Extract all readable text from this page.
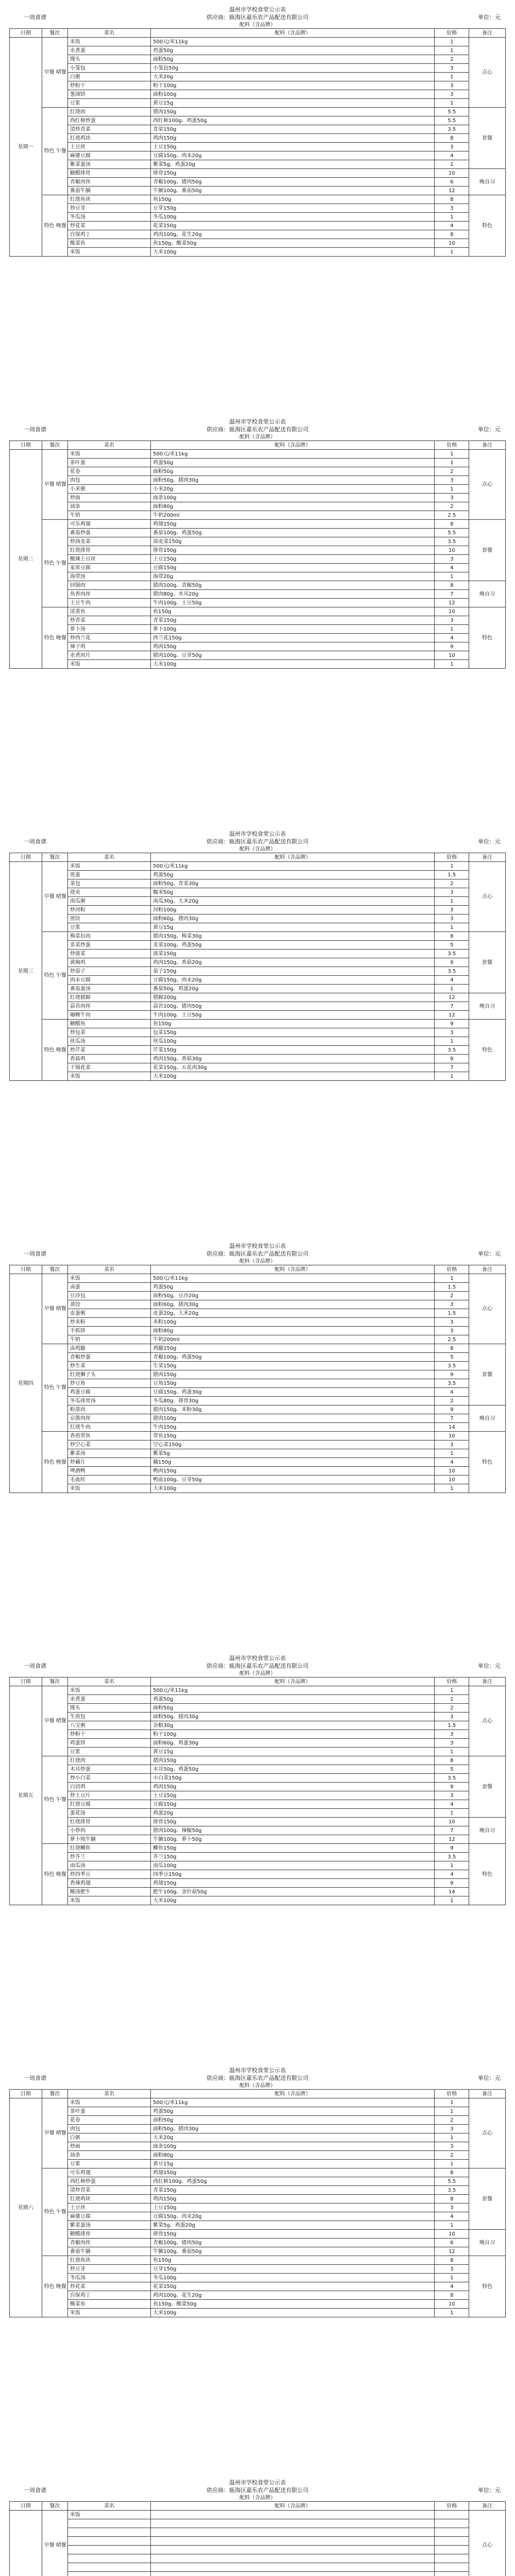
温州市学校食堂公示表
供应商：瓯海区嘉乐农产品配送有限公司
一周食谱	单位：元
配料（含品牌）
日期	餐次	菜名	配料（含品牌）	价格	备注
星期一	早餐 晴餐	米饭	500元/米11kg	1	点心
		水煮蛋	鸡蛋50g	1	
		馒头	面粉50g	2	
		小笼包	小笼包50g	3	
		白粥	大米20g	1	
		炒粉干	粉干100g	3	
		葱油饼	面粉100g	3	
		豆浆	黄豆15g	1	
	特色 午餐	红烧肉	猪肉150g	5.5	套餐
		西红柿炒蛋	西红柿100g、鸡蛋50g	5.5	
		清炒青菜	青菜150g	3.5	
		红烧鸡块	鸡肉150g	8	
		土豆丝	土豆150g	3	
		麻婆豆腐	豆腐150g、肉末20g	4	
		紫菜蛋汤	紫菜5g、鸡蛋20g	1	
		糖醋排骨	排骨150g	10	晚自习
		青椒肉丝	青椒100g、猪肉50g	6	
		番茄牛腩	牛腩100g、番茄50g	12	
	特色 晚餐	红烧鱼块	鱼150g	8	特色
		炒豆芽	豆芽150g	3	
		冬瓜汤	冬瓜100g	1	
		炒花菜	花菜150g	4	
		宫保鸡丁	鸡肉100g、花生20g	8	
		酸菜鱼	鱼150g、酸菜50g	10	
		米饭	大米100g	1	
温州市学校食堂公示表
供应商：瓯海区嘉乐农产品配送有限公司
一周食谱	单位：元
配料（含品牌）
日期	餐次	菜名	配料（含品牌）	价格	备注
星期二	早餐 晴餐	米饭	500元/米11kg	1	点心
		茶叶蛋	鸡蛋50g	1	
		花卷	面粉50g	2	
		肉包	面粉50g、猪肉30g	3	
		小米粥	小米20g	1	
		炒面	面条100g	3	
		油条	面粉80g	2	
		牛奶	牛奶200ml	2.5	
	特色 午餐	可乐鸡翅	鸡翅150g	8	套餐
		番茄炒蛋	番茄100g、鸡蛋50g	5.5	
		炒油麦菜	油麦菜150g	3.5	
		红烧排骨	排骨150g	10	
		酸辣土豆丝	土豆150g	3	
		家常豆腐	豆腐150g	4	
		海带汤	海带20g	1	
		回锅肉	猪肉100g、青椒50g	8	晚自习
		鱼香肉丝	猪肉80g、木耳20g	7	
		土豆牛肉	牛肉100g、土豆50g	12	
	特色 晚餐	清蒸鱼	鱼150g	10	特色
		炒青菜	青菜150g	3	
		萝卜汤	萝卜100g	1	
		炒西兰花	西兰花150g	4	
		辣子鸡	鸡肉150g	9	
		水煮肉片	猪肉100g、豆芽50g	10	
		米饭	大米100g	1	
温州市学校食堂公示表
供应商：瓯海区嘉乐农产品配送有限公司
一周食谱	单位：元
配料（含品牌）
日期	餐次	菜名	配料（含品牌）	价格	备注
星期三	早餐 晴餐	米饭	500元/米11kg	1	点心
		煎蛋	鸡蛋50g	1.5	
		菜包	面粉50g、青菜30g	2	
		烧卖	糯米50g	3	
		南瓜粥	南瓜30g、大米20g	1	
		炒河粉	河粉100g	3	
		煎饺	面粉60g、猪肉30g	3	
		豆浆	黄豆15g	1	
	特色 午餐	梅菜扣肉	猪肉150g、梅菜30g	8	套餐
		韭菜炒蛋	韭菜100g、鸡蛋50g	5	
		炒菠菜	菠菜150g	3.5	
		黄焖鸡	鸡肉150g、香菇20g	9	
		炒茄子	茄子150g	3.5	
		肉末豆腐	豆腐150g、肉末20g	4	
		番茄蛋汤	番茄50g、鸡蛋20g	1	
		红烧猪蹄	猪蹄200g	12	晚自习
		蒜苔肉丝	蒜苔100g、猪肉50g	7	
		咖喱牛肉	牛肉100g、土豆50g	12	
	特色 晚餐	糖醋鱼	鱼150g	9	特色
		炒包菜	包菜150g	3	
		丝瓜汤	丝瓜100g	1	
		炒芹菜	芹菜150g	3.5	
		香菇鸡	鸡肉150g、香菇30g	9	
		干锅花菜	花菜150g、五花肉30g	7	
		米饭	大米100g	1	
温州市学校食堂公示表
供应商：瓯海区嘉乐农产品配送有限公司
一周食谱	单位：元
配料（含品牌）
日期	餐次	菜名	配料（含品牌）	价格	备注
星期四	早餐 晴餐	米饭	500元/米11kg	1	点心
		卤蛋	鸡蛋50g	1.5	
		豆沙包	面粉50g、豆沙20g	2	
		蒸饺	面粉60g、猪肉30g	3	
		皮蛋粥	皮蛋20g、大米20g	1.5	
		炒米粉	米粉100g	3	
		手抓饼	面粉80g	3	
		牛奶	牛奶200ml	2.5	
	特色 午餐	卤鸡腿	鸡腿150g	8	套餐
		青椒炒蛋	青椒100g、鸡蛋50g	5	
		炒生菜	生菜150g	3.5	
		红烧狮子头	猪肉150g	9	
		炒豆角	豆角150g	3.5	
		鸡蛋豆腐	豆腐150g、鸡蛋30g	4	
		冬瓜排骨汤	冬瓜80g、排骨30g	2	
		粉蒸肉	猪肉150g、米粉30g	9	晚自习
		京酱肉丝	猪肉100g	7	
		红烧牛肉	牛肉150g	14	
	特色 晚餐	香煎带鱼	带鱼150g	10	特色
		炒空心菜	空心菜150g	3	
		紫菜汤	紫菜5g	1	
		炒藕片	藕150g	4	
		啤酒鸭	鸭肉150g	10	
		毛血旺	鸭血100g、豆芽50g	10	
		米饭	大米100g	1	
温州市学校食堂公示表
供应商：瓯海区嘉乐农产品配送有限公司
一周食谱	单位：元
配料（含品牌）
日期	餐次	菜名	配料（含品牌）	价格	备注
星期五	早餐 晴餐	米饭	500元/米11kg	1	点心
		水煮蛋	鸡蛋50g	1	
		馒头	面粉50g	2	
		生煎包	面粉50g、猪肉30g	3	
		八宝粥	杂粮30g	1.5	
		炒粉干	粉干100g	3	
		鸡蛋饼	面粉60g、鸡蛋30g	3	
		豆浆	黄豆15g	1	
	特色 午餐	红烧肉	猪肉150g	8	套餐
		木耳炒蛋	木耳50g、鸡蛋50g	5	
		炒小白菜	小白菜150g	3.5	
		白切鸡	鸡肉150g	9	
		炒土豆片	土豆150g	3	
		红烧豆腐	豆腐150g	4	
		蛋花汤	鸡蛋20g	1	
		红烧排骨	排骨150g	10	晚自习
		小炒肉	猪肉100g、辣椒50g	7	
		萝卜炖牛腩	牛腩100g、萝卜50g	12	
	特色 晚餐	红烧鲫鱼	鲫鱼150g	9	特色
		炒芥兰	芥兰150g	3.5	
		南瓜汤	南瓜100g	1	
		炒四季豆	四季豆150g	4	
		香辣鸡翅	鸡翅150g	9	
		酸汤肥牛	肥牛100g、金针菇50g	14	
		米饭	大米100g	1	
温州市学校食堂公示表
供应商：瓯海区嘉乐农产品配送有限公司
一周食谱	单位：元
配料（含品牌）
日期	餐次	菜名	配料（含品牌）	价格	备注
星期六	早餐 晴餐	米饭	500元/米11kg	1	点心
		茶叶蛋	鸡蛋50g	1	
		花卷	面粉50g	2	
		肉包	面粉50g、猪肉30g	3	
		白粥	大米20g	1	
		炒面	面条100g	3	
		油条	面粉80g	2	
		豆浆	黄豆15g	1	
	特色 午餐	可乐鸡翅	鸡翅150g	8	套餐
		西红柿炒蛋	西红柿100g、鸡蛋50g	5.5	
		清炒青菜	青菜150g	3.5	
		红烧鸡块	鸡肉150g	8	
		土豆丝	土豆150g	3	
		麻婆豆腐	豆腐150g、肉末20g	4	
		紫菜蛋汤	紫菜5g、鸡蛋20g	1	
		糖醋排骨	排骨150g	10	晚自习
		青椒肉丝	青椒100g、猪肉50g	6	
		番茄牛腩	牛腩100g、番茄50g	12	
	特色 晚餐	红烧鱼块	鱼150g	8	特色
		炒豆芽	豆芽150g	3	
		冬瓜汤	冬瓜100g	1	
		炒花菜	花菜150g	4	
		宫保鸡丁	鸡肉100g、花生20g	8	
		酸菜鱼	鱼150g、酸菜50g	10	
		米饭	大米100g	1	
温州市学校食堂公示表
供应商：瓯海区嘉乐农产品配送有限公司
一周食谱	单位：元
配料（含品牌）
日期	餐次	菜名	配料（含品牌）	价格	备注
	早餐 晴餐	米饭			点心
